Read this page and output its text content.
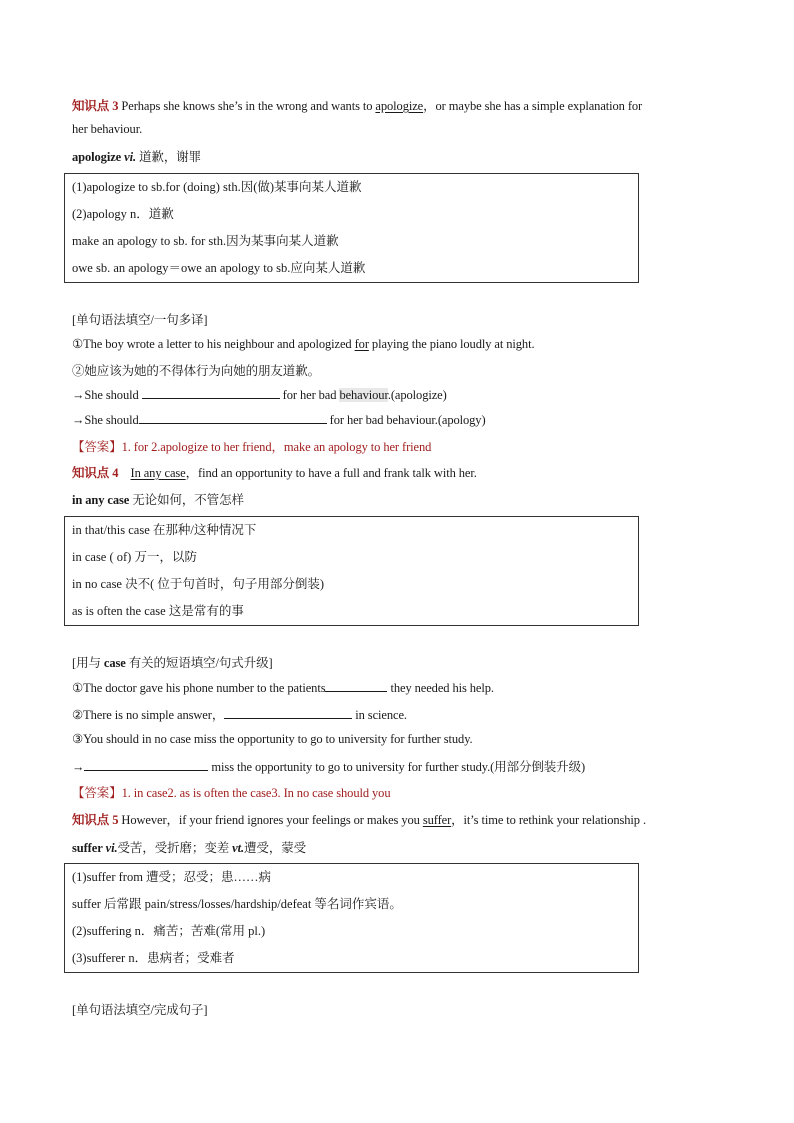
知识点 3 Perhaps she knows she’s in the wrong and wants to apologize，or maybe she has a simple explanation for
her behaviour.
apologize vi. 道歉，谢罪
(1)apologize to sb.for (doing) sth.因(做)某事向某人道歉
(2)apology n．道歉
make an apology to sb. for sth.因为某事向某人道歉
owe sb. an apology＝owe an apology to sb.应向某人道歉
[单句语法填空/一句多译]
①The boy wrote a letter to his neighbour and apologized for playing the piano loudly at night.
②她应该为她的不得体行为向她的朋友道歉。
→She should	for her bad behaviour.(apologize)
→She should	for her bad behaviour.(apology)
【答案】1. for 2.apologize to her friend，make an apology to her friend
知识点 4 In any case，find an opportunity to have a full and frank talk with her.
in any case 无论如何，不管怎样
in that/this case 在那种/这种情况下
in case ( of) 万一，以防
in no case 决不( 位于句首时，句子用部分倒装)
as is often the case 这是常有的事
[用与 case 有关的短语填空/句式升级]
①The doctor gave his phone number to the patients	they needed his help.
②There is no simple answer，	in science.
③You should in no case miss the opportunity to go to university for further study.
→	miss the opportunity to go to university for further study.(用部分倒装升级)
【答案】1. in case2. as is often the case3. In no case should you
知识点 5 However，if your friend ignores your feelings or makes you suffer，it’s time to rethink your relationship .
suffer vi.受苦，受折磨；变差 vt.遭受，蒙受
(1)suffer from 遭受；忍受；患……病
suffer 后常跟 pain/stress/losses/hardship/defeat 等名词作宾语。
(2)suffering n．痛苦；苦难(常用 pl.)
(3)sufferer n．患病者；受难者
[单句语法填空/完成句子]
